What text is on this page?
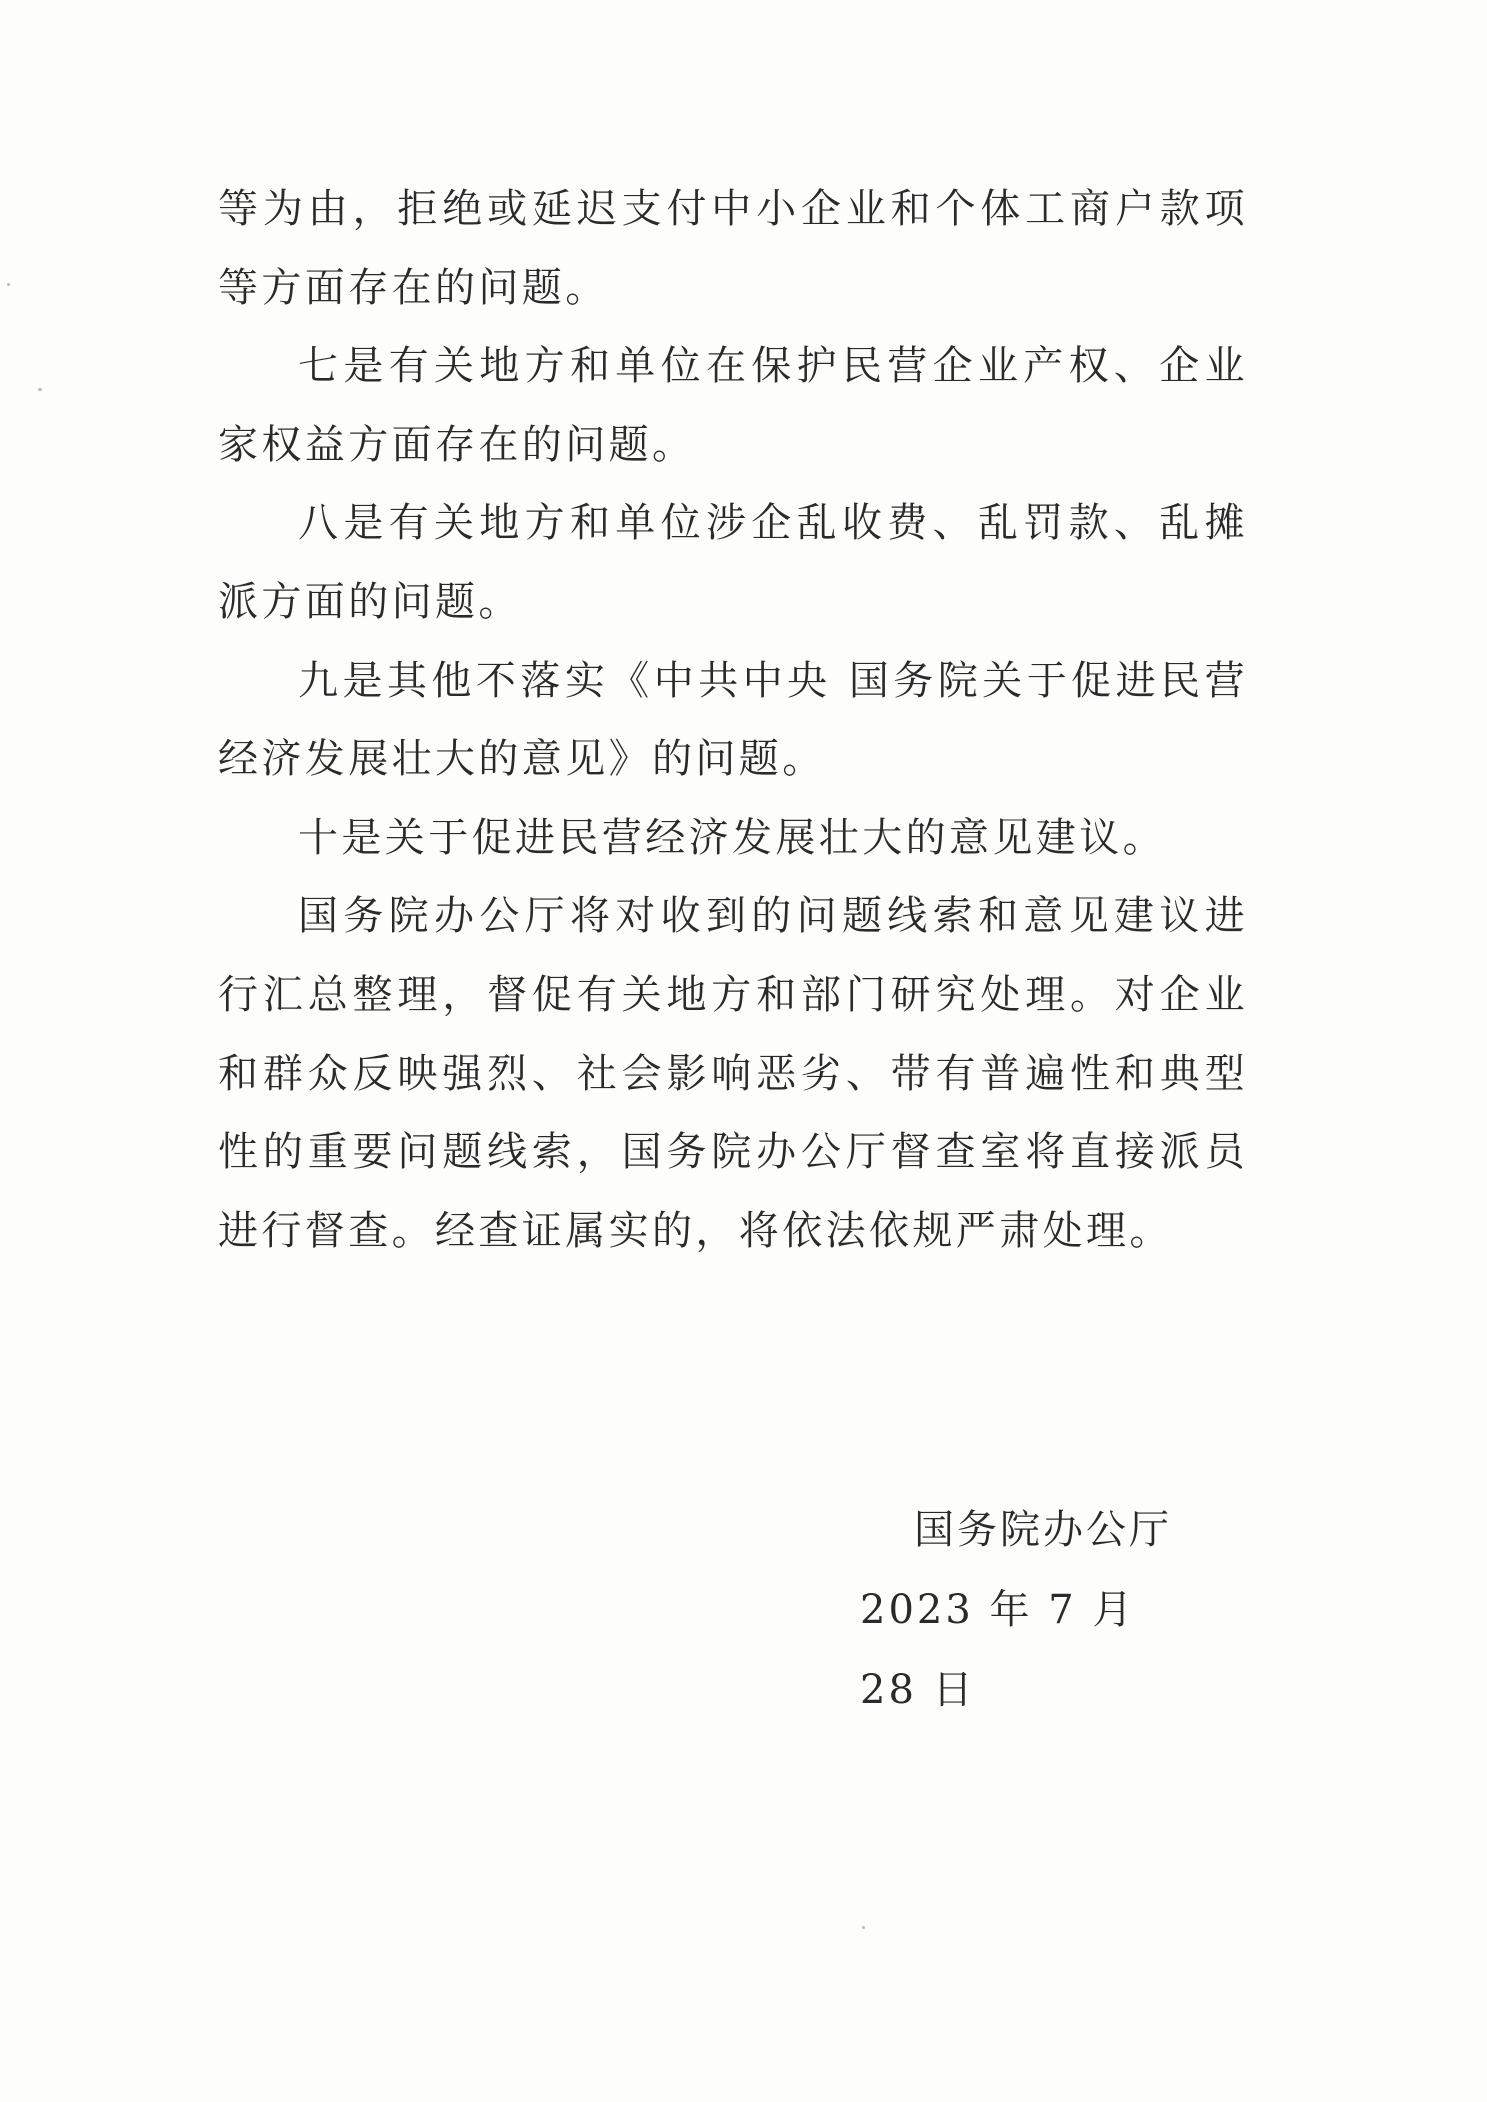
等为由，拒绝或延迟支付中小企业和个体工商户款项等方面存在的问题。

七是有关地方和单位在保护民营企业产权、企业家权益方面存在的问题。

八是有关地方和单位涉企乱收费、乱罚款、乱摊派方面的问题。

九是其他不落实《中共中央 国务院关于促进民营经济发展壮大的意见》的问题。

十是关于促进民营经济发展壮大的意见建议。

国务院办公厅将对收到的问题线索和意见建议进行汇总整理，督促有关地方和部门研究处理。对企业和群众反映强烈、社会影响恶劣、带有普遍性和典型性的重要问题线索，国务院办公厅督查室将直接派员进行督查。经查证属实的，将依法依规严肃处理。

国务院办公厅
2023 年 7 月 28 日
